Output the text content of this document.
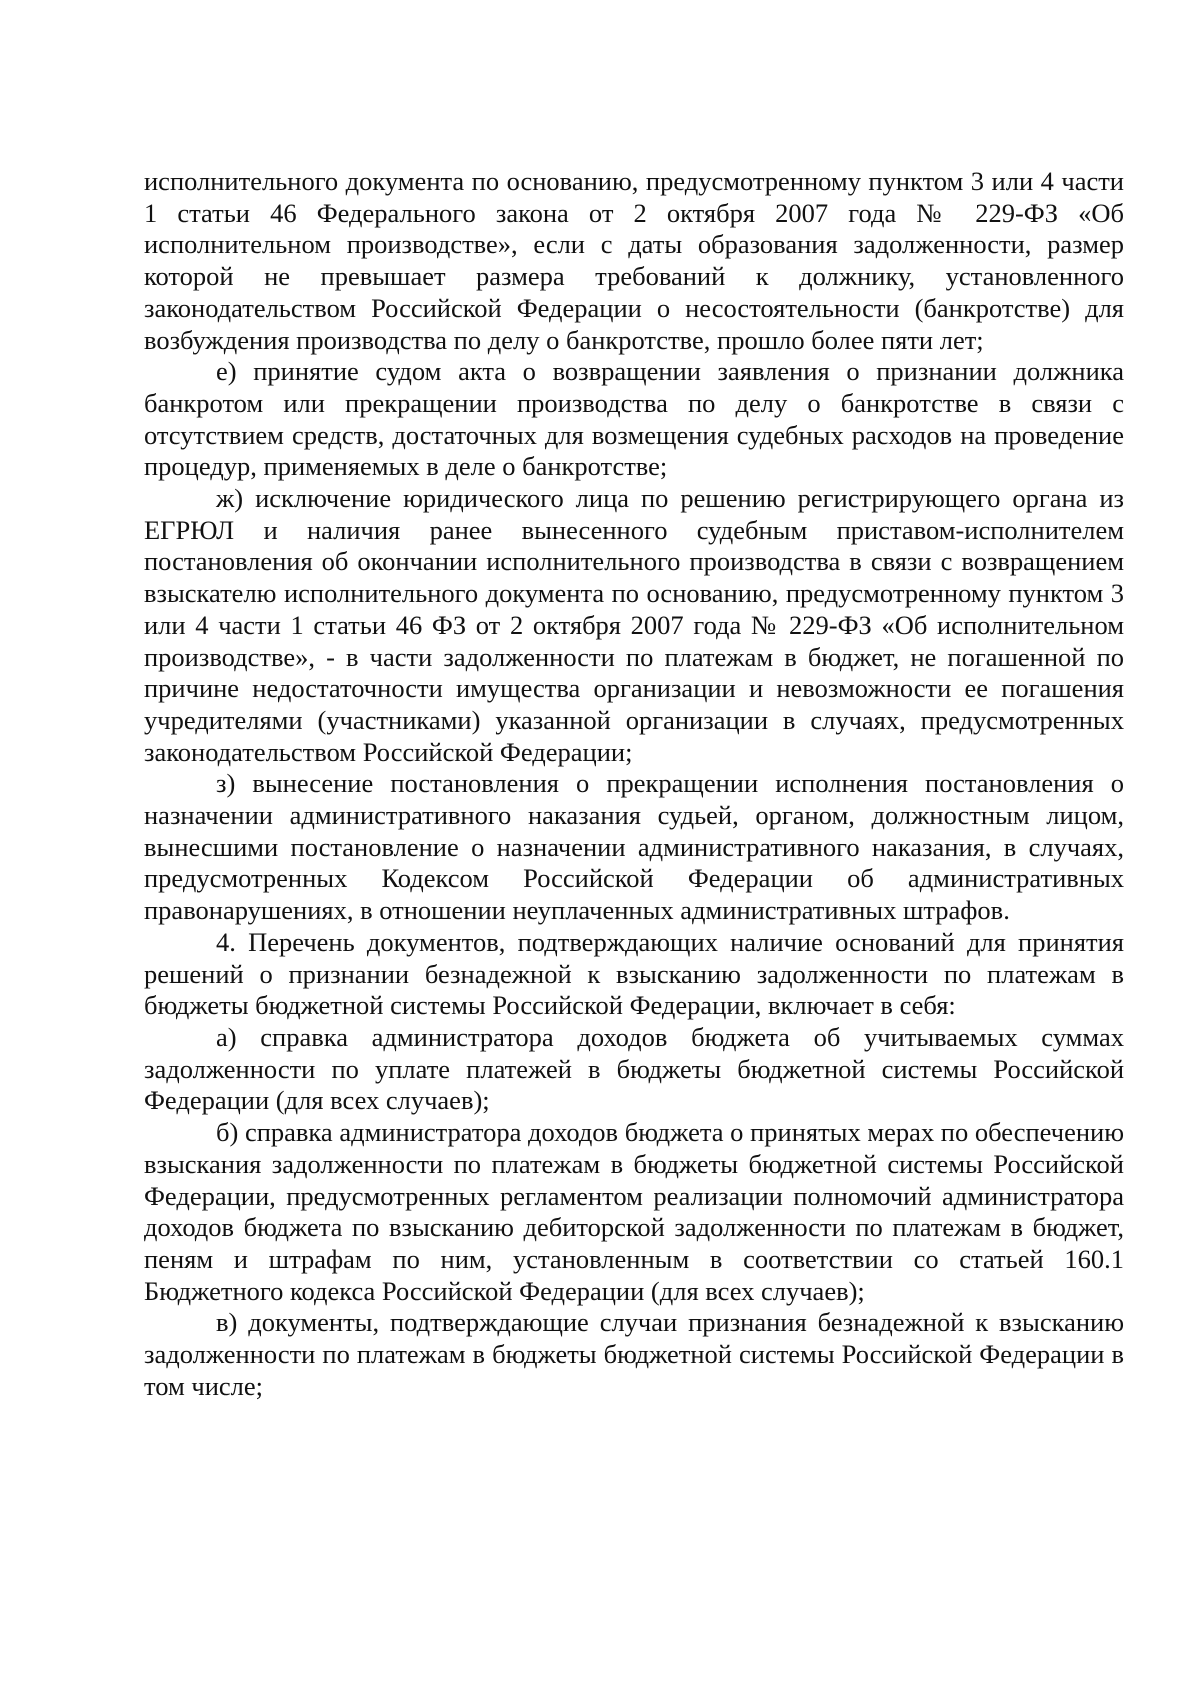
исполнительного документа по основанию, предусмотренному пунктом 3 или 4 части 1 статьи 46 Федерального закона от 2 октября 2007 года № 229-ФЗ «Об исполнительном производстве», если с даты образования задолженности, размер которой не превышает размера требований к должнику, установленного законодательством Российской Федерации о несостоятельности (банкротстве) для возбуждения производства по делу о банкротстве, прошло более пяти лет;

е) принятие судом акта о возвращении заявления о признании должника банкротом или прекращении производства по делу о банкротстве в связи с отсутствием средств, достаточных для возмещения судебных расходов на проведение процедур, применяемых в деле о банкротстве;

ж) исключение юридического лица по решению регистрирующего органа из ЕГРЮЛ и наличия ранее вынесенного судебным приставом-исполнителем постановления об окончании исполнительного производства в связи с возвращением взыскателю исполнительного документа по основанию, предусмотренному пунктом 3 или 4 части 1 статьи 46 ФЗ от 2 октября 2007 года № 229-ФЗ «Об исполнительном производстве», - в части задолженности по платежам в бюджет, не погашенной по причине недостаточности имущества организации и невозможности ее погашения учредителями (участниками) указанной организации в случаях, предусмотренных законодательством Российской Федерации;

з) вынесение постановления о прекращении исполнения постановления о назначении административного наказания судьей, органом, должностным лицом, вынесшими постановление о назначении административного наказания, в случаях, предусмотренных Кодексом Российской Федерации об административных правонарушениях, в отношении неуплаченных административных штрафов.

4. Перечень документов, подтверждающих наличие оснований для принятия решений о признании безнадежной к взысканию задолженности по платежам в бюджеты бюджетной системы Российской Федерации, включает в себя:

а) справка администратора доходов бюджета об учитываемых суммах задолженности по уплате платежей в бюджеты бюджетной системы Российской Федерации (для всех случаев);

б) справка администратора доходов бюджета о принятых мерах по обеспечению взыскания задолженности по платежам в бюджеты бюджетной системы Российской Федерации, предусмотренных регламентом реализации полномочий администратора доходов бюджета по взысканию дебиторской задолженности по платежам в бюджет, пеням и штрафам по ним, установленным в соответствии со статьей 160.1 Бюджетного кодекса Российской Федерации (для всех случаев);

в) документы, подтверждающие случаи признания безнадежной к взысканию задолженности по платежам в бюджеты бюджетной системы Российской Федерации в том числе;
